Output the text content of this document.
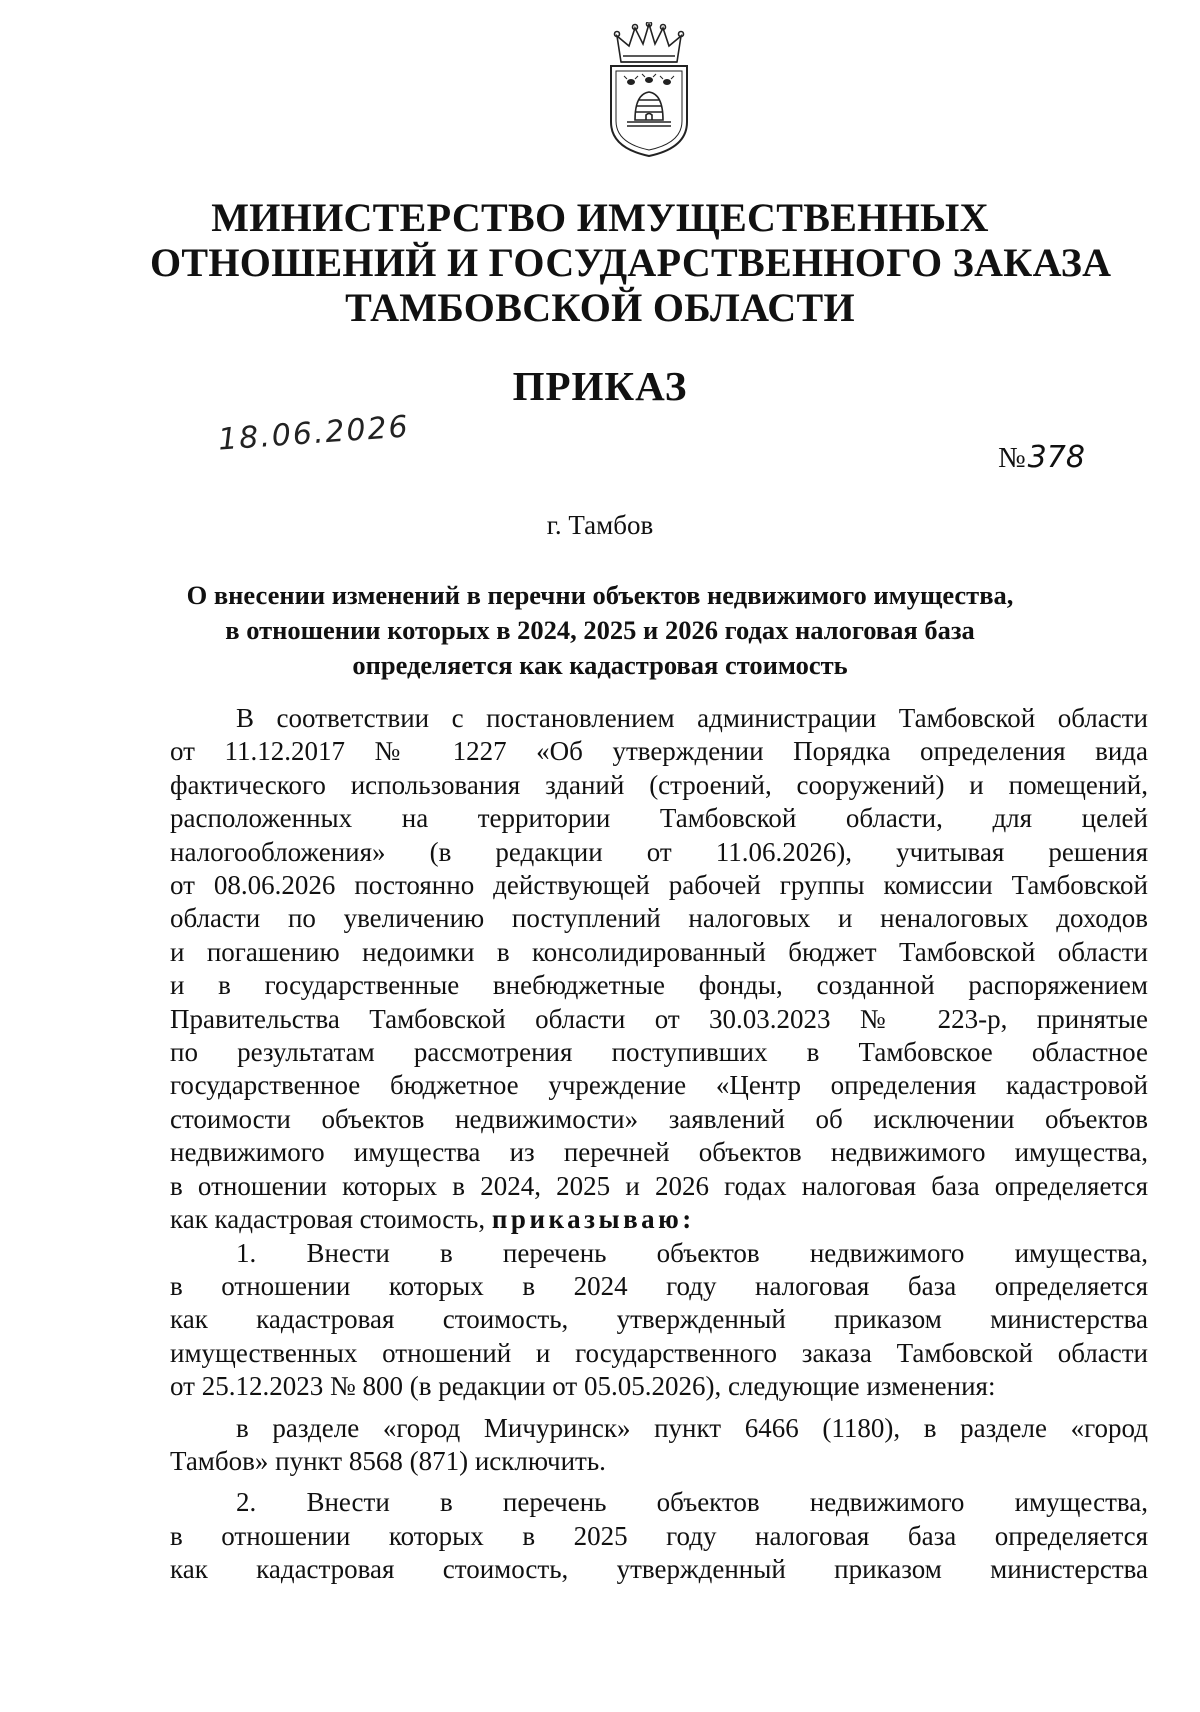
МИНИСТЕРСТВО ИМУЩЕСТВЕННЫХ
ОТНОШЕНИЙ И ГОСУДАРСТВЕННОГО ЗАКАЗА
ТАМБОВСКОЙ ОБЛАСТИ
ПРИКАЗ
18.06.2026
№378
г. Тамбов
О внесении изменений в перечни объектов недвижимого имущества,
в отношении которых в 2024, 2025 и 2026 годах налоговая база
определяется как кадастровая стоимость

В соответствии с постановлением администрации Тамбовской области

от 11.12.2017 № 1227 «Об утверждении Порядка определения вида

фактического использования зданий (строений, сооружений) и помещений,

расположенных на территории Тамбовской области, для целей

налогообложения» (в редакции от 11.06.2026), учитывая решения

от 08.06.2026 постоянно действующей рабочей группы комиссии Тамбовской

области по увеличению поступлений налоговых и неналоговых доходов

и погашению недоимки в консолидированный бюджет Тамбовской области

и в государственные внебюджетные фонды, созданной распоряжением

Правительства Тамбовской области от 30.03.2023 № 223-р, принятые

по результатам рассмотрения поступивших в Тамбовское областное

государственное бюджетное учреждение «Центр определения кадастровой

стоимости объектов недвижимости» заявлений об исключении объектов

недвижимого имущества из перечней объектов недвижимого имущества,

в отношении которых в 2024, 2025 и 2026 годах налоговая база определяется

как кадастровая стоимость, приказываю:

1. Внести в перечень объектов недвижимого имущества,

в отношении которых в 2024 году налоговая база определяется

как кадастровая стоимость, утвержденный приказом министерства

имущественных отношений и государственного заказа Тамбовской области

от 25.12.2023 № 800 (в редакции от 05.05.2026), следующие изменения:

в разделе «город Мичуринск» пункт 6466 (1180), в разделе «город

Тамбов» пункт 8568 (871) исключить.

2. Внести в перечень объектов недвижимого имущества,

в отношении которых в 2025 году налоговая база определяется

как кадастровая стоимость, утвержденный приказом министерства
